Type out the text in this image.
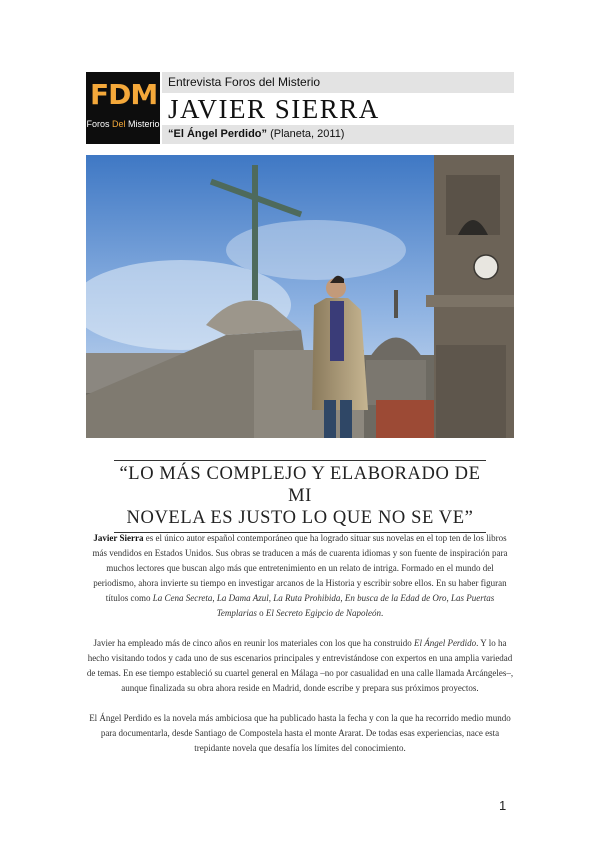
FDM
Foros Del Misterio
Entrevista Foros del Misterio
JAVIER SIERRA
“El Ángel Perdido” (Planeta, 2011)
“LO MÁS COMPLEJO Y ELABORADO DE MI
NOVELA ES JUSTO LO QUE NO SE VE”

Javier Sierra es el único autor español contemporáneo que ha logrado situar sus novelas en el top ten de los libros más vendidos en Estados Unidos. Sus obras se traducen a más de cuarenta idiomas y son fuente de inspiración para muchos lectores que buscan algo más que entretenimiento en un relato de intriga. Formado en el mundo del periodismo, ahora invierte su tiempo en investigar arcanos de la Historia y escribir sobre ellos. En su haber figuran títulos como La Cena Secreta, La Dama Azul, La Ruta Prohibida, En busca de la Edad de Oro, Las Puertas Templarias o El Secreto Egipcio de Napoleón.

Javier ha empleado más de cinco años en reunir los materiales con los que ha construido El Ángel Perdido. Y lo ha hecho visitando todos y cada uno de sus escenarios principales y entrevistándose con expertos en una amplia variedad de temas. En ese tiempo estableció su cuartel general en Málaga –no por casualidad en una calle llamada Arcángeles–, aunque finalizada su obra ahora reside en Madrid, donde escribe y prepara sus próximos proyectos.

El Ángel Perdido es la novela más ambiciosa que ha publicado hasta la fecha y con la que ha recorrido medio mundo para documentarla, desde Santiago de Compostela hasta el monte Ararat. De todas esas experiencias, nace esta trepidante novela que desafía los límites del conocimiento.

1
